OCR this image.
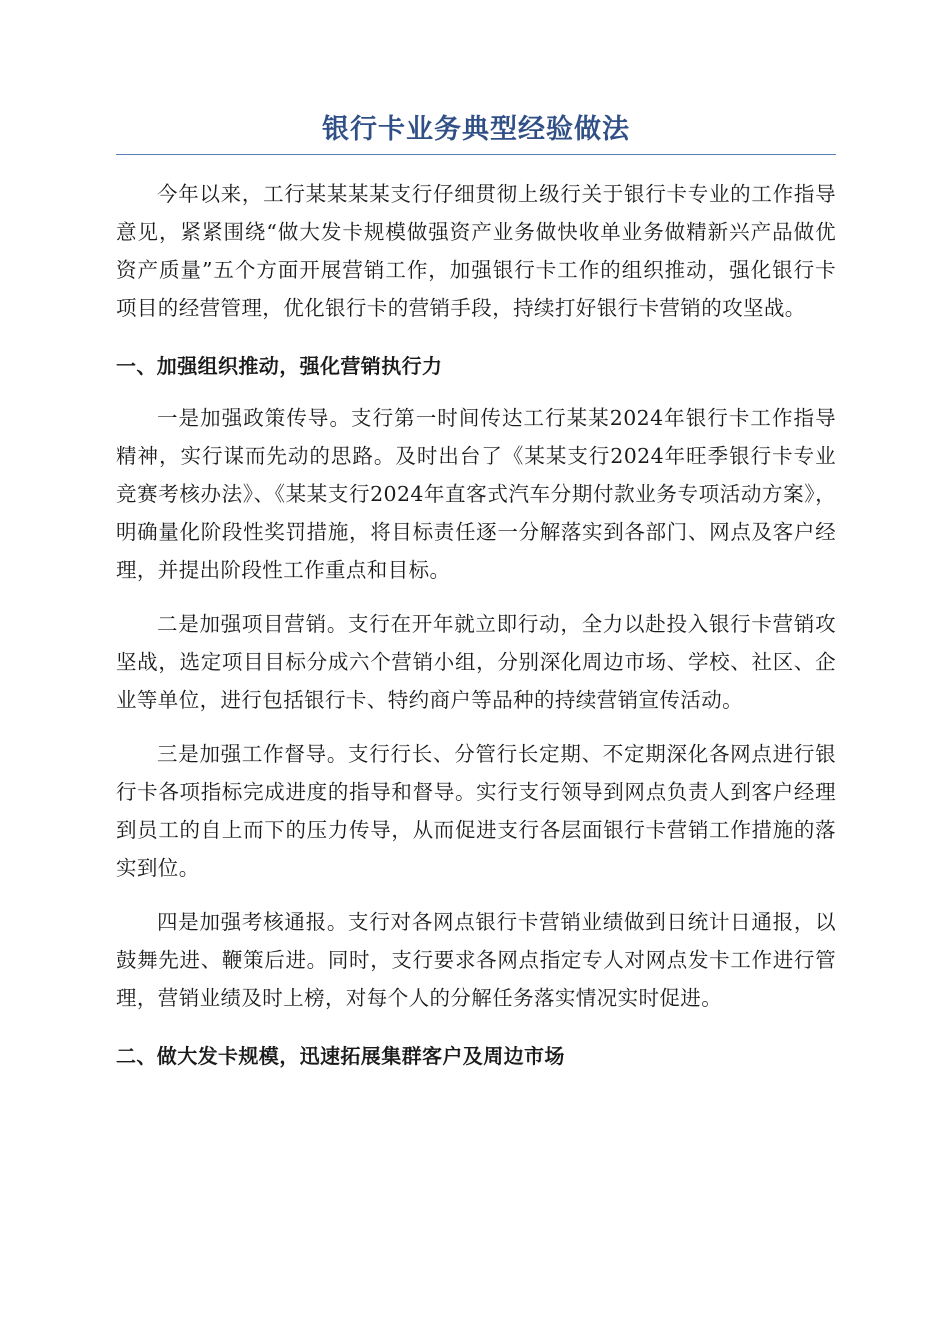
银行卡业务典型经验做法

今年以来，工行某某某某支行仔细贯彻上级行关于银行卡专业的工作指导意见，紧紧围绕“做大发卡规模做强资产业务做快收单业务做精新兴产品做优资产质量”五个方面开展营销工作，加强银行卡工作的组织推动，强化银行卡项目的经营管理，优化银行卡的营销手段，持续打好银行卡营销的攻坚战。

一、加强组织推动，强化营销执行力

一是加强政策传导。支行第一时间传达工行某某2024年银行卡工作指导精神，实行谋而先动的思路。及时出台了《某某支行2024年旺季银行卡专业竞赛考核办法》、《某某支行2024年直客式汽车分期付款业务专项活动方案》，明确量化阶段性奖罚措施，将目标责任逐一分解落实到各部门、网点及客户经理，并提出阶段性工作重点和目标。

二是加强项目营销。支行在开年就立即行动，全力以赴投入银行卡营销攻坚战，选定项目目标分成六个营销小组，分别深化周边市场、学校、社区、企业等单位，进行包括银行卡、特约商户等品种的持续营销宣传活动。

三是加强工作督导。支行行长、分管行长定期、不定期深化各网点进行银行卡各项指标完成进度的指导和督导。实行支行领导到网点负责人到客户经理到员工的自上而下的压力传导，从而促进支行各层面银行卡营销工作措施的落实到位。

四是加强考核通报。支行对各网点银行卡营销业绩做到日统计日通报，以鼓舞先进、鞭策后进。同时，支行要求各网点指定专人对网点发卡工作进行管理，营销业绩及时上榜，对每个人的分解任务落实情况实时促进。

二、做大发卡规模，迅速拓展集群客户及周边市场
